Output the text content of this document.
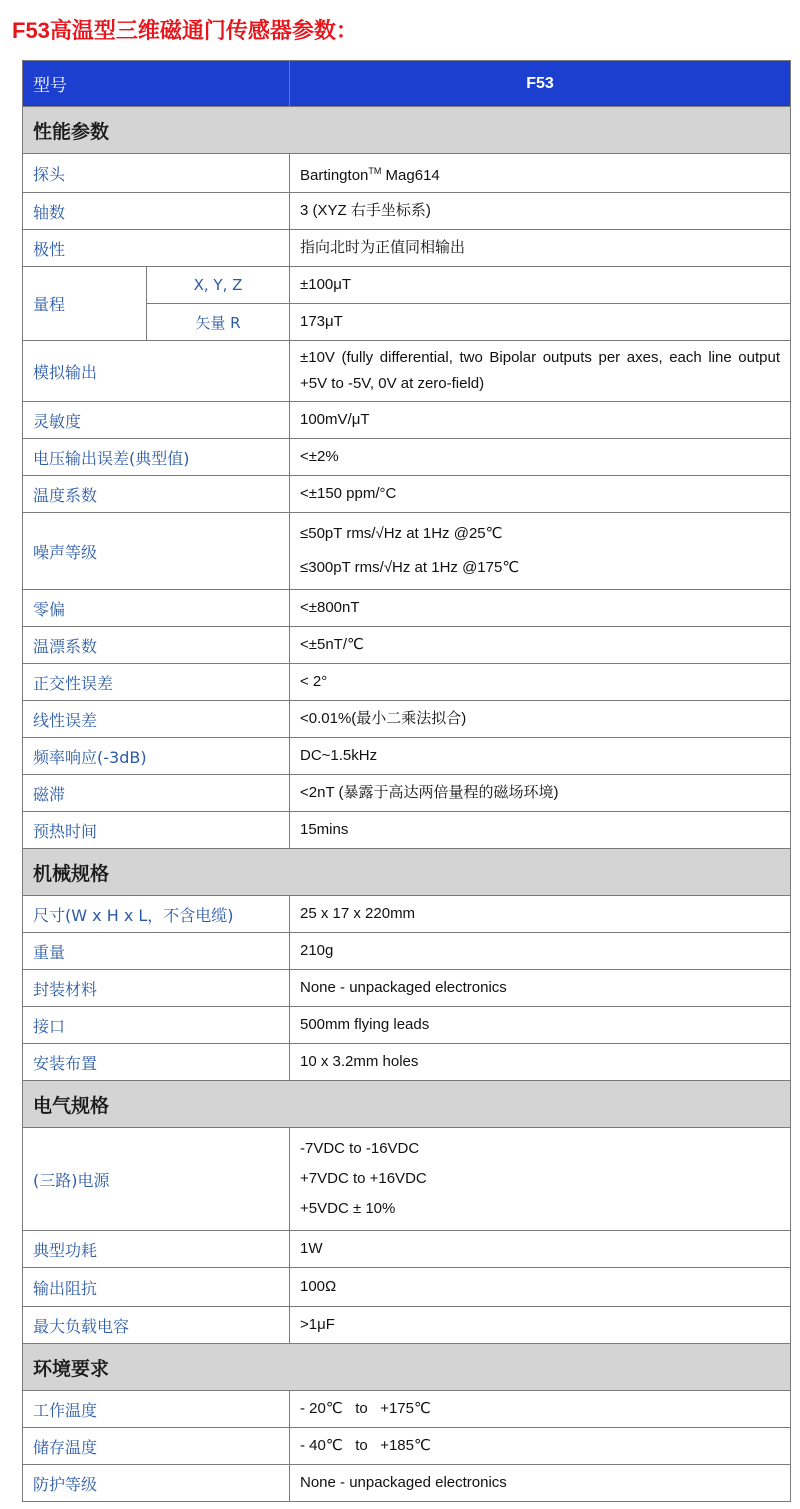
F53高温型三维磁通门传感器参数：
型号		F53
性能参数		
探头		Bartington™ Mag614
轴数		3 (XYZ 右手坐标系)
极性		指向北时为正值同相输出
量程	X, Y, Z	±100μT
	矢量 R	173μT
模拟输出		±10V (fully differential, two Bipolar outputs per axes, each line output +5V to -5V, 0V at zero-field)
灵敏度		100mV/μT
电压输出误差(典型值)		<±2%
温度系数		<±150 ppm/°C
噪声等级		≤50pT rms/√Hz at 1Hz @25℃
≤300pT rms/√Hz at 1Hz @175℃

零偏		<±800nT
温漂系数		<±5nT/℃
正交性误差		< 2°
线性误差		<0.01%(最小二乘法拟合)
频率响应(-3dB)		DC~1.5kHz
磁滞		<2nT (暴露于高达两倍量程的磁场环境)
预热时间		15mins
机械规格		
尺寸(W x H x L，不含电缆)		25 x 17 x 220mm
重量		210g
封装材料		None - unpackaged electronics
接口		500mm flying leads
安装布置		10 x 3.2mm holes
电气规格		
(三路)电源		-7VDC to -16VDC
+7VDC to +16VDC
+5VDC ± 10%

典型功耗		1W
输出阻抗		100Ω
最大负载电容		>1μF
环境要求		
工作温度		- 20℃   to   +175℃
储存温度		- 40℃   to   +185℃
防护等级		None - unpackaged electronics
